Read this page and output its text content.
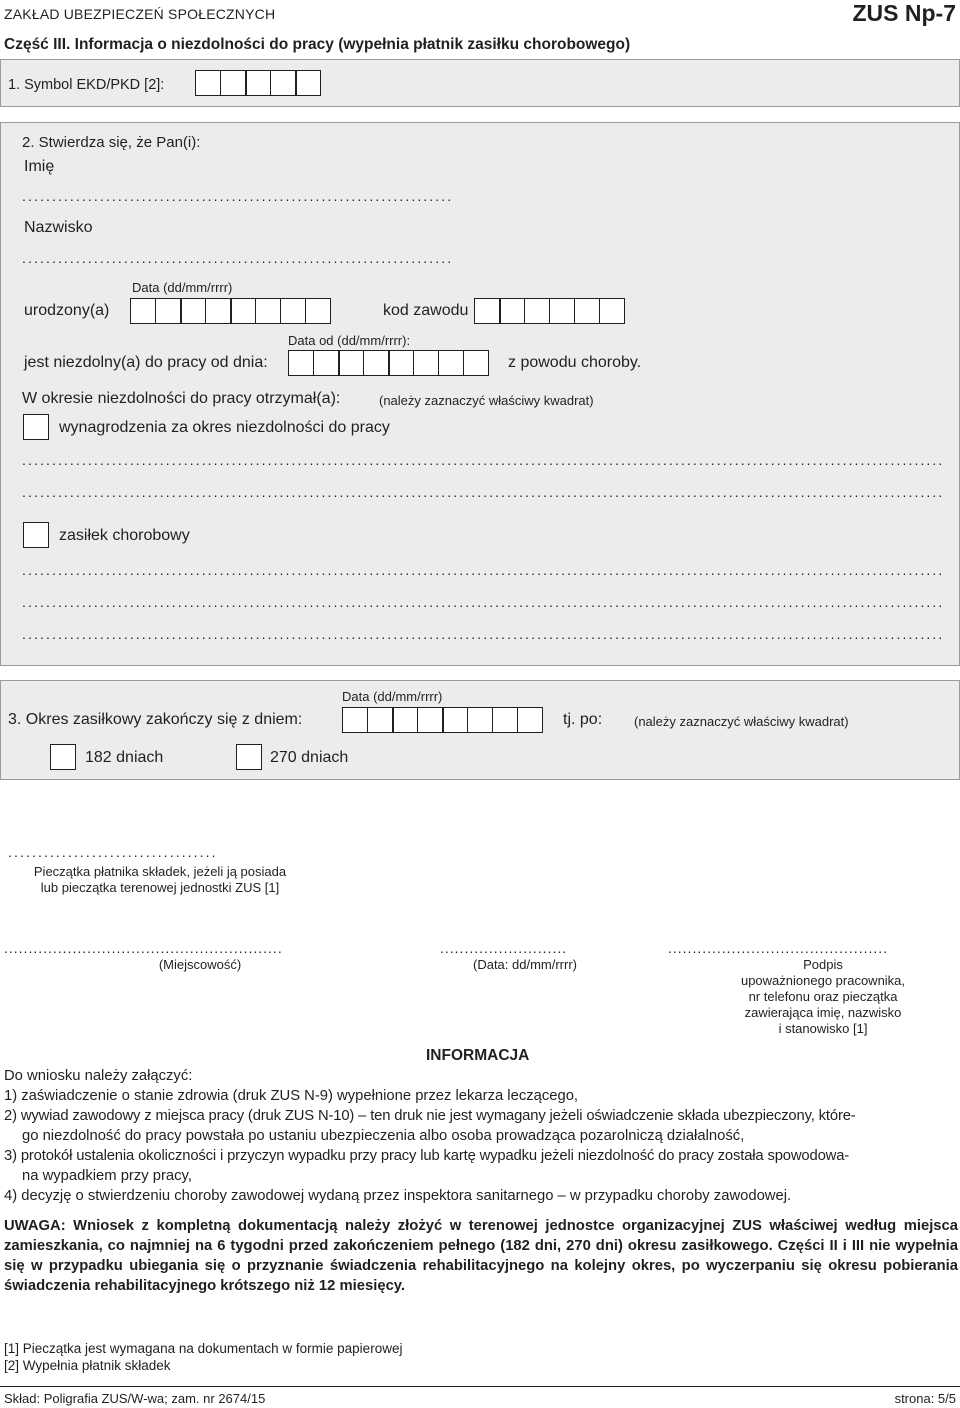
ZAKŁAD UBEZPIECZEŃ SPOŁECZNYCH	ZUS Np-7
Część III. Informacja o niezdolności do pracy (wypełnia płatnik zasiłku chorobowego)
1. Symbol EKD/PKD [2]:
2. Stwierdza się, że Pan(i):
Imię
........................................................................
Nazwisko
........................................................................
Data (dd/mm/rrrr)
urodzony(a)	kod zawodu
Data od (dd/mm/rrrr):
jest niezdolny(a) do pracy od dnia:	z powodu choroby.
W okresie niezdolności do pracy otrzymał(a):	(należy zaznaczyć właściwy kwadrat)
wynagrodzenia za okres niezdolności do pracy
..........................................................................................................................................................
..........................................................................................................................................................
zasiłek chorobowy
..........................................................................................................................................................
..........................................................................................................................................................
..........................................................................................................................................................
Data (dd/mm/rrrr)
3. Okres zasiłkowy zakończy się z dniem:	tj. po: (należy zaznaczyć właściwy kwadrat)
182 dniach	270 dniach
...................................
Pieczątka płatnika składek, jeżeli ją posiada
lub pieczątka terenowej jednostki ZUS [1]
.........................................................	..........................	.............................................
(Miejscowość)	(Data: dd/mm/rrrr)	Podpis
upoważnionego pracownika,
nr telefonu oraz pieczątka
zawierająca imię, nazwisko
i stanowisko [1]
INFORMACJA
Do wniosku należy załączyć:
1) zaświadczenie o stanie zdrowia (druk ZUS N-9) wypełnione przez lekarza leczącego,
2) wywiad zawodowy z miejsca pracy (druk ZUS N-10) – ten druk nie jest wymagany jeżeli oświadczenie składa ubezpieczony, które-
go niezdolność do pracy powstała po ustaniu ubezpieczenia albo osoba prowadząca pozarolniczą działalność,
3) protokół ustalenia okoliczności i przyczyn wypadku przy pracy lub kartę wypadku jeżeli niezdolność do pracy została spowodowa-
na wypadkiem przy pracy,
4) decyzję o stwierdzeniu choroby zawodowej wydaną przez inspektora sanitarnego – w przypadku choroby zawodowej.
UWAGA: Wniosek z kompletną dokumentacją należy złożyć w terenowej jednostce organizacyjnej ZUS właściwej według miejsca zamieszkania, co najmniej na 6 tygodni przed zakończeniem pełnego (182 dni, 270 dni) okresu zasiłkowego. Części II i III nie wypełnia się w przypadku ubiegania się o przyznanie świadczenia rehabilitacyjnego na kolejny okres, po wyczerpaniu się okresu pobierania świadczenia rehabilitacyjnego krótszego niż 12 miesięcy.
[1] Pieczątka jest wymagana na dokumentach w formie papierowej
[2] Wypełnia płatnik składek
Skład: Poligrafia ZUS/W-wa; zam. nr 2674/15	strona: 5/5
